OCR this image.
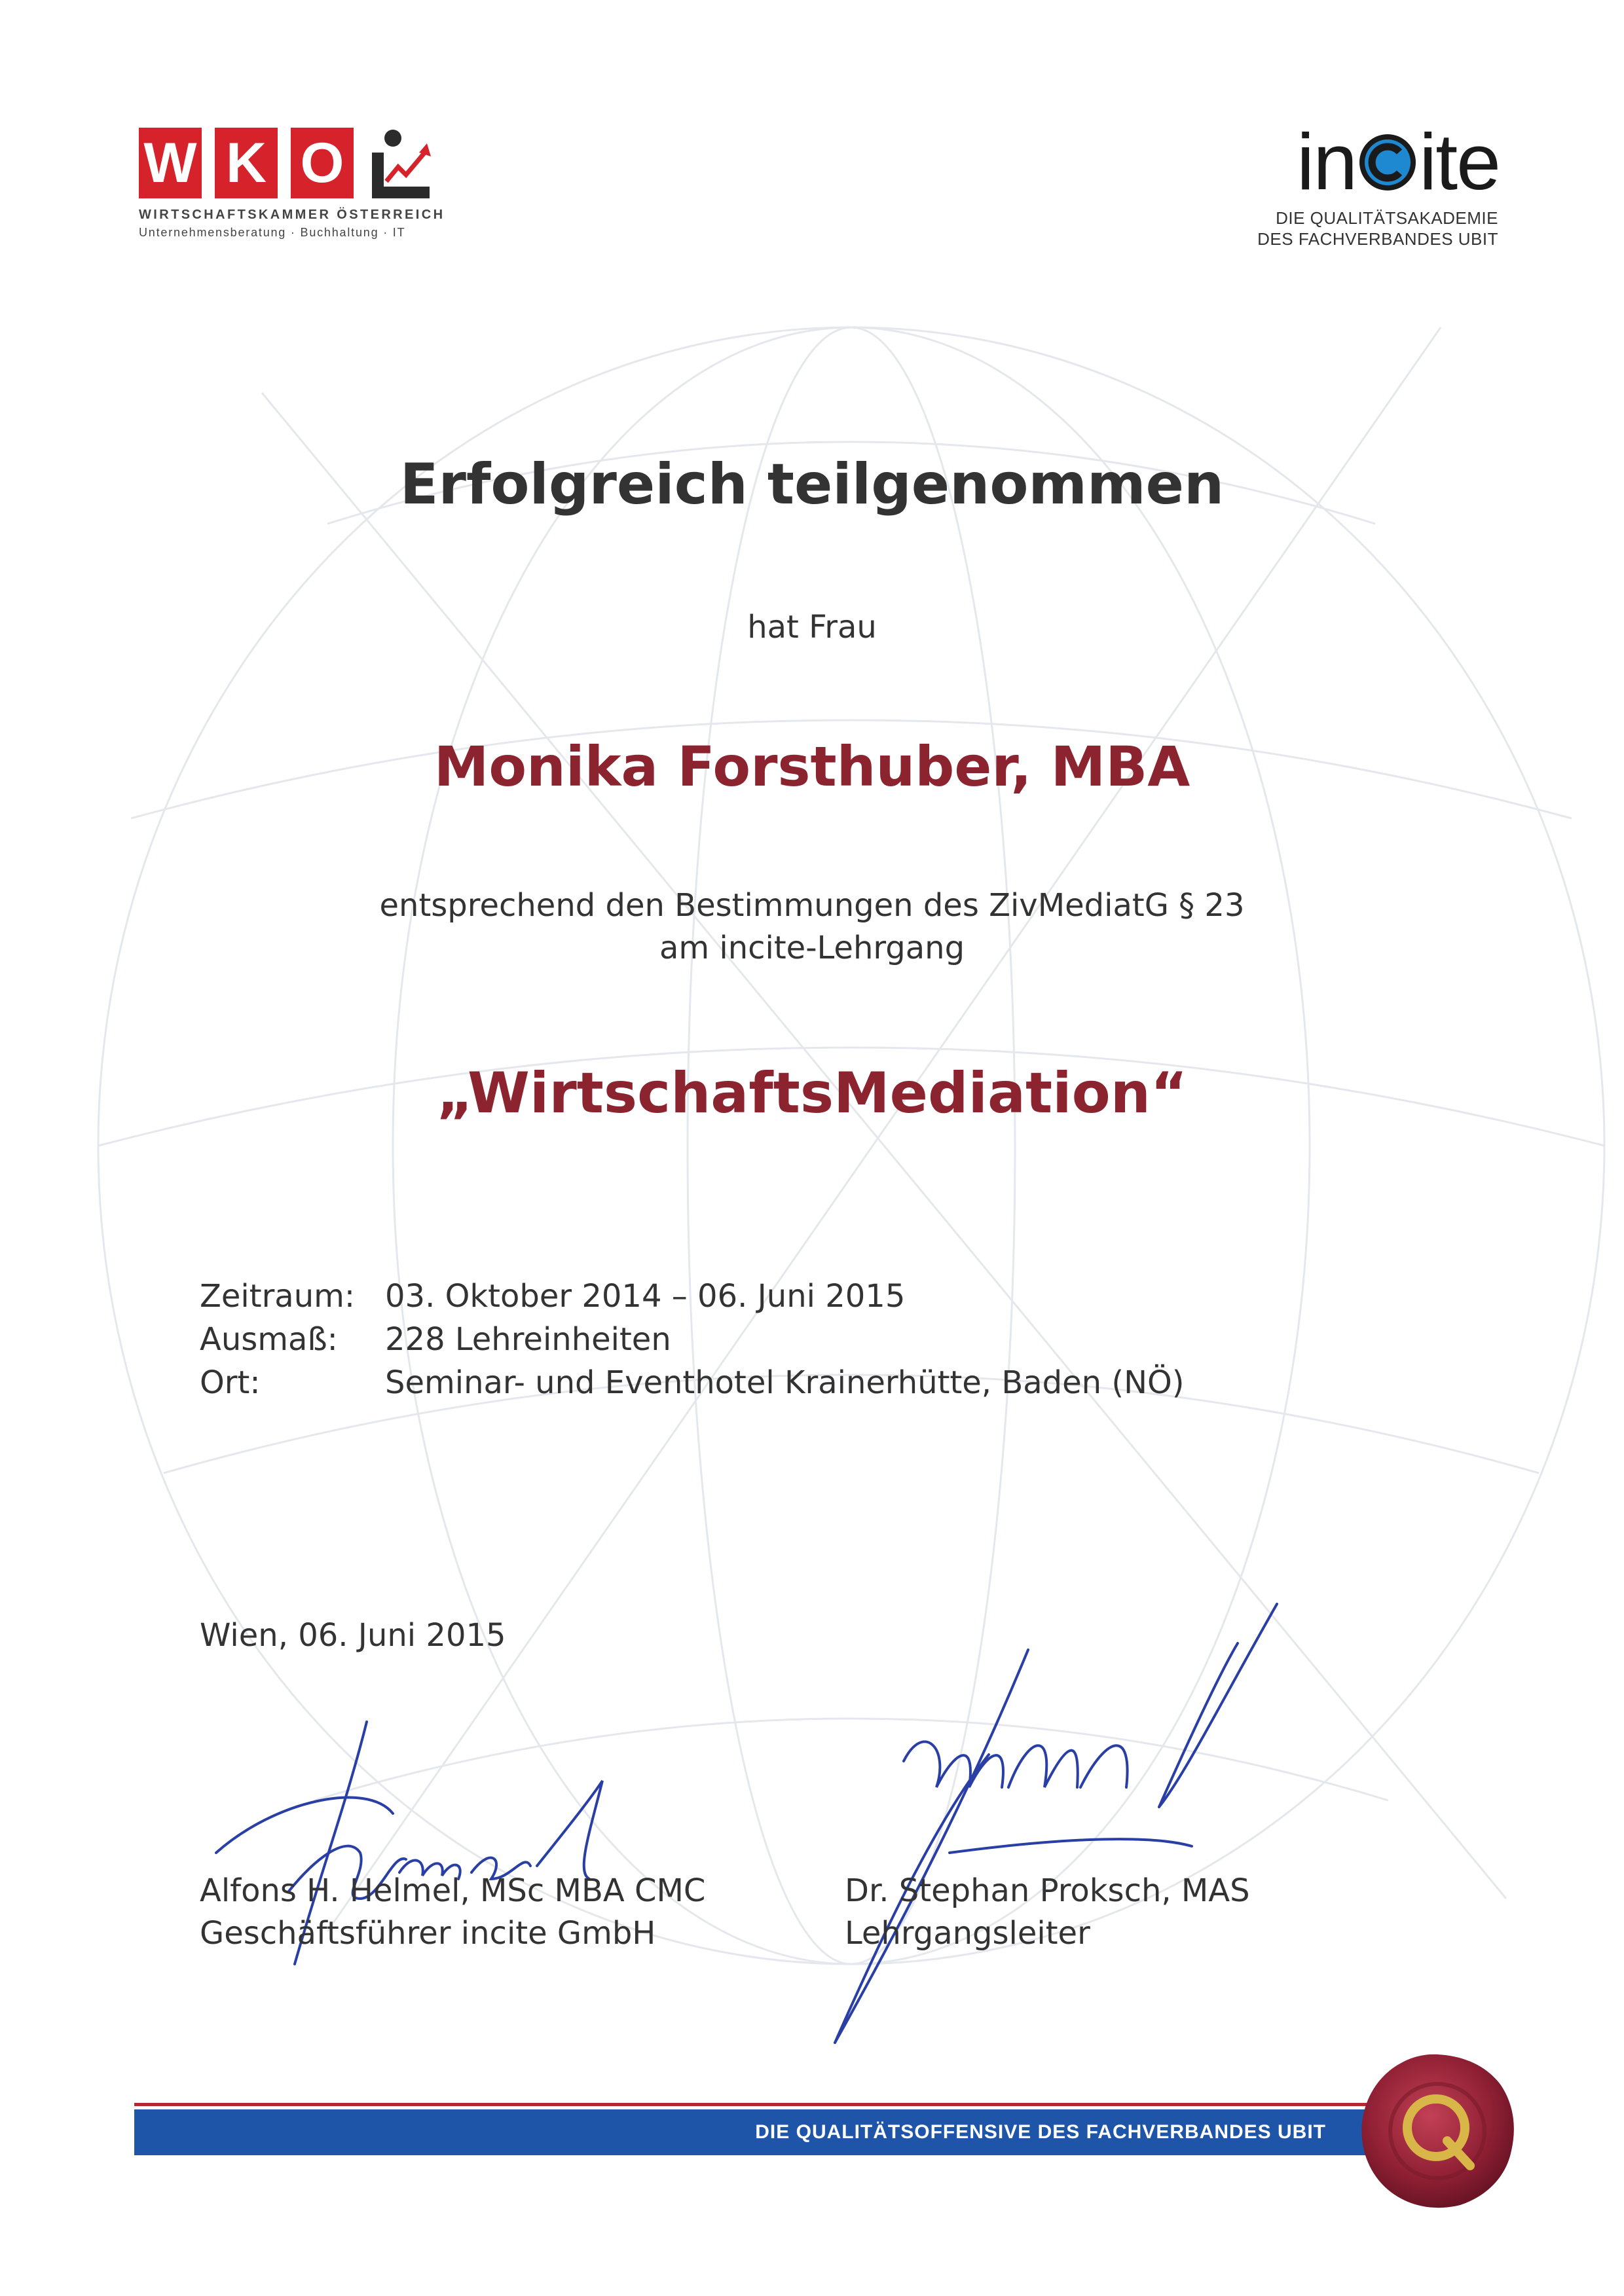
W K O
WIRTSCHAFTSKAMMER ÖSTERREICH
Unternehmensberatung · Buchhaltung · IT
in ite
DIE QUALITÄTSAKADEMIE
DES FACHVERBANDES UBIT
Erfolgreich teilgenommen
hat Frau
Monika Forsthuber, MBA
entsprechend den Bestimmungen des ZivMediatG § 23
am incite-Lehrgang
„WirtschaftsMediation“
Zeitraum: 03. Oktober 2014 – 06. Juni 2015
Ausmaß: 228 Lehreinheiten
Ort:	Seminar- und Eventhotel Krainerhütte, Baden (NÖ)
Wien, 06. Juni 2015
Alfons H. Helmel, MSc MBA CMC
Geschäftsführer incite GmbH
Dr. Stephan Proksch, MAS
Lehrgangsleiter
DIE QUALITÄTSOFFENSIVE DES FACHVERBANDES UBIT
Q
